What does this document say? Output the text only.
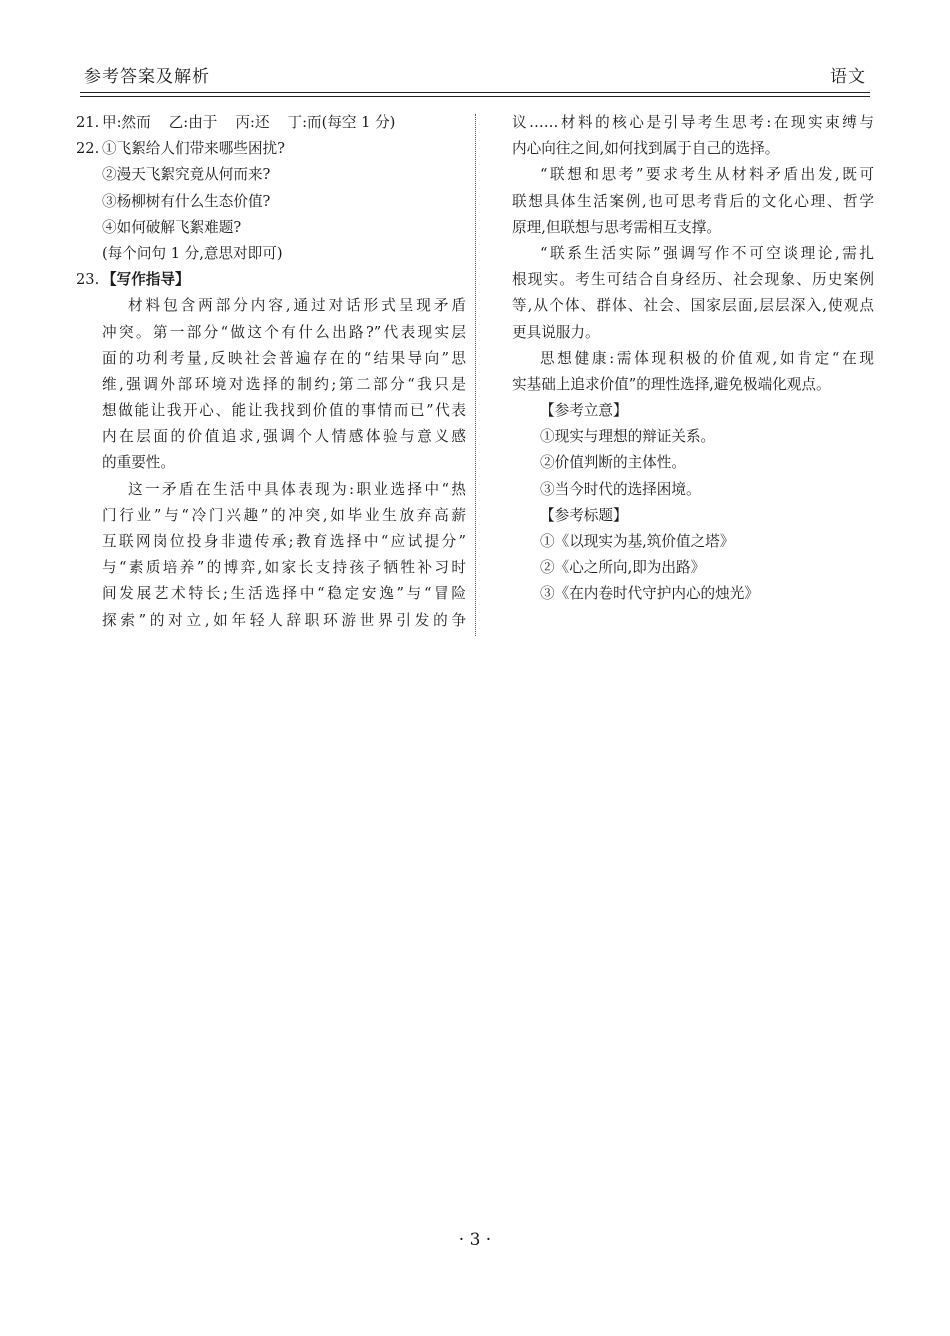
参考答案及解析	语文
21. 甲:然而 乙:由于 丙:还 丁:而(每空 1 分)
22. ①飞絮给人们带来哪些困扰?
②漫天飞絮究竟从何而来?
③杨柳树有什么生态价值?
④如何破解飞絮难题?
(每个问句 1 分,意思对即可)
23. 【写作指导】
材料包含两部分内容,通过对话形式呈现矛盾
冲突。第一部分“做这个有什么出路?”代表现实层
面的功利考量,反映社会普遍存在的“结果导向”思
维,强调外部环境对选择的制约;第二部分“我只是
想做能让我开心、能让我找到价值的事情而已”代表
内在层面的价值追求,强调个人情感体验与意义感
的重要性。
这一矛盾在生活中具体表现为:职业选择中“热
门行业”与“冷门兴趣”的冲突,如毕业生放弃高薪
互联网岗位投身非遗传承;教育选择中“应试提分”
与“素质培养”的博弈,如家长支持孩子牺牲补习时
间发展艺术特长;生活选择中“稳定安逸”与“冒险
探索”的对立,如年轻人辞职环游世界引发的争
议……材料的核心是引导考生思考:在现实束缚与
内心向往之间,如何找到属于自己的选择。
“联想和思考”要求考生从材料矛盾出发,既可
联想具体生活案例,也可思考背后的文化心理、哲学
原理,但联想与思考需相互支撑。
“联系生活实际”强调写作不可空谈理论,需扎
根现实。考生可结合自身经历、社会现象、历史案例
等,从个体、群体、社会、国家层面,层层深入,使观点
更具说服力。
思想健康:需体现积极的价值观,如肯定“在现
实基础上追求价值”的理性选择,避免极端化观点。
【参考立意】
①现实与理想的辩证关系。
②价值判断的主体性。
③当今时代的选择困境。
【参考标题】
①《以现实为基,筑价值之塔》
②《心之所向,即为出路》
③《在内卷时代守护内心的烛光》
· 3 ·
